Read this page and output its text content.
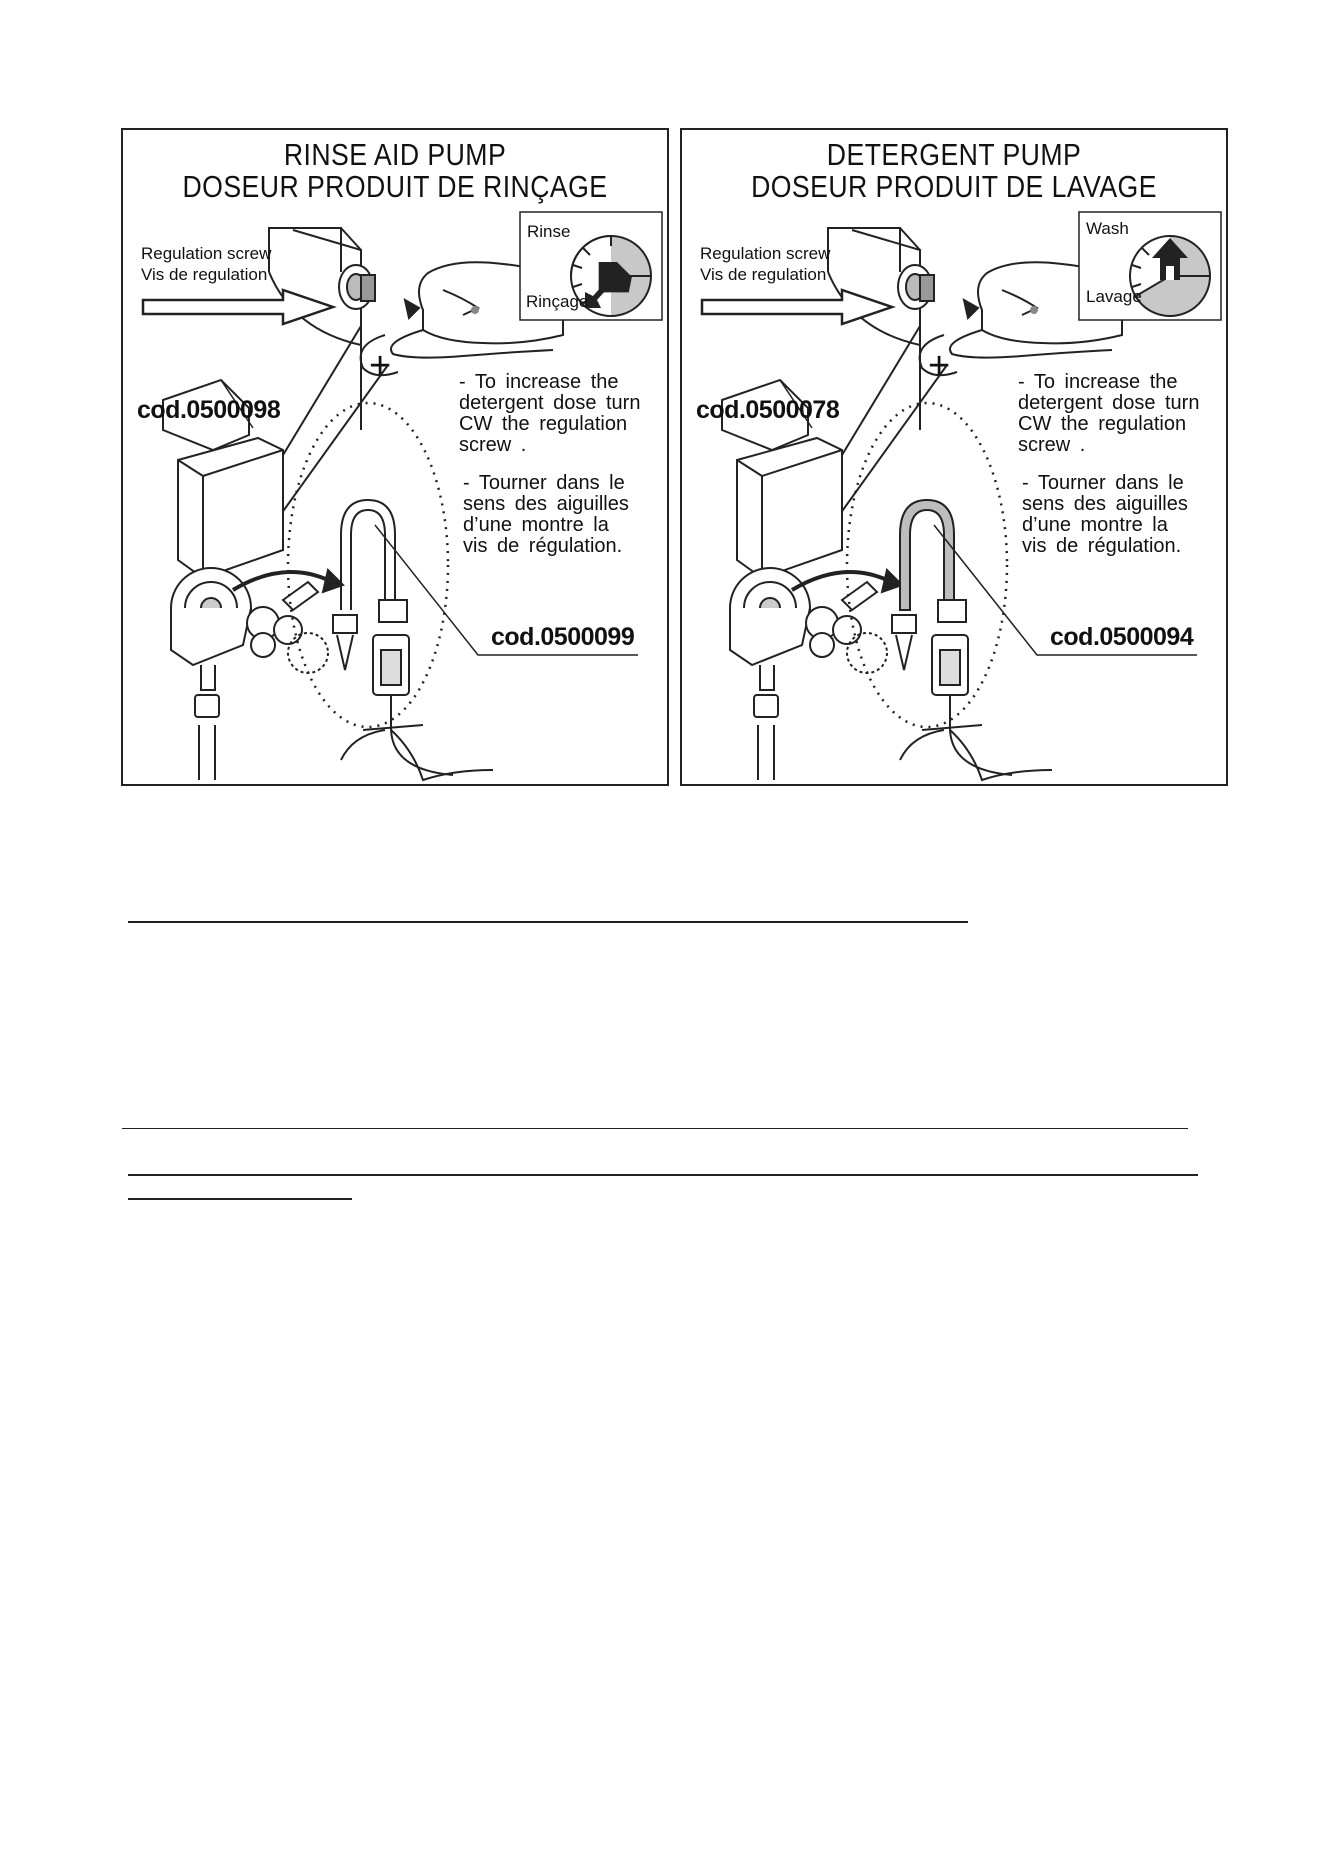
RINSE AID PUMP
DOSEUR PRODUIT DE RINÇAGE
Regulation screw
Vis de regulation
Rinse
Rinçage
+
cod.0500098
cod.0500099
- To increase the
detergent dose turn
CW the regulation
screw .
- Tourner dans le
sens des aiguilles
d’une montre la
vis de régulation.
DETERGENT PUMP
DOSEUR PRODUIT DE LAVAGE
Regulation screw
Vis de regulation
Wash
Lavage
+
cod.0500078
cod.0500094
- To increase the
detergent dose turn
CW the regulation
screw .
- Tourner dans le
sens des aiguilles
d’une montre la
vis de régulation.
